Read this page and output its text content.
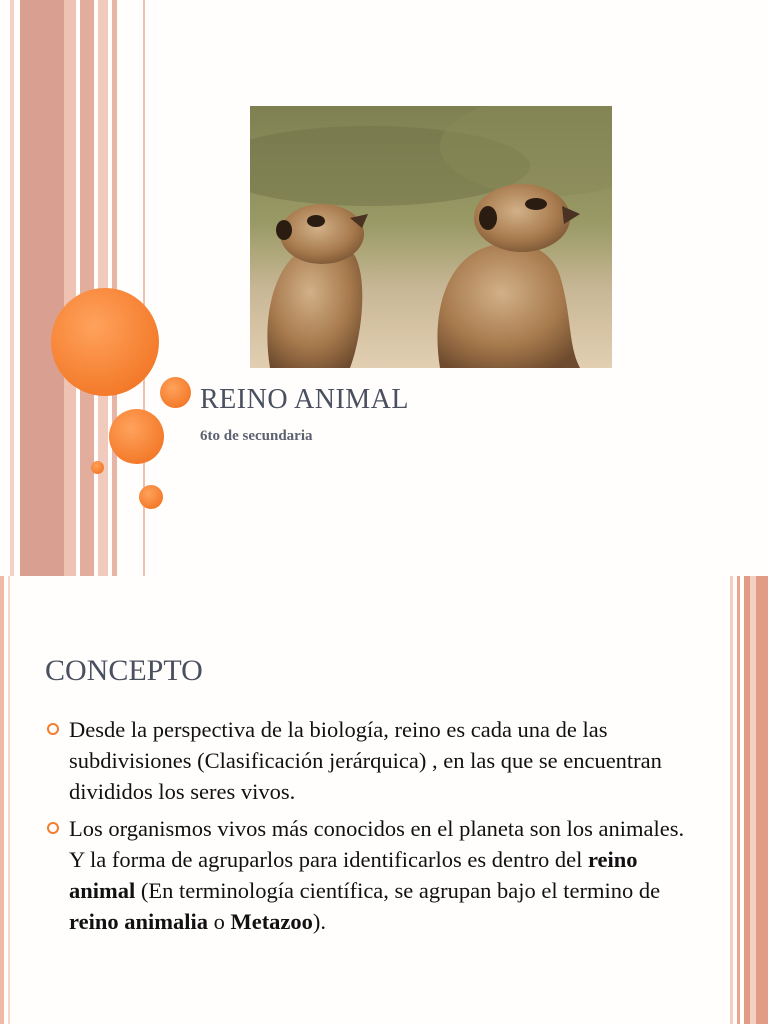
REINO ANIMAL
6to de secundaria
CONCEPTO
Desde la perspectiva de la biología, reino es cada una de las subdivisiones (Clasificación jerárquica) , en las que se encuentran divididos los seres vivos.
Los organismos vivos más conocidos en el planeta son los animales. Y la forma de agruparlos para identificarlos es dentro del reino animal (En terminología científica, se agrupan bajo el termino de reino animalia o Metazoo).
